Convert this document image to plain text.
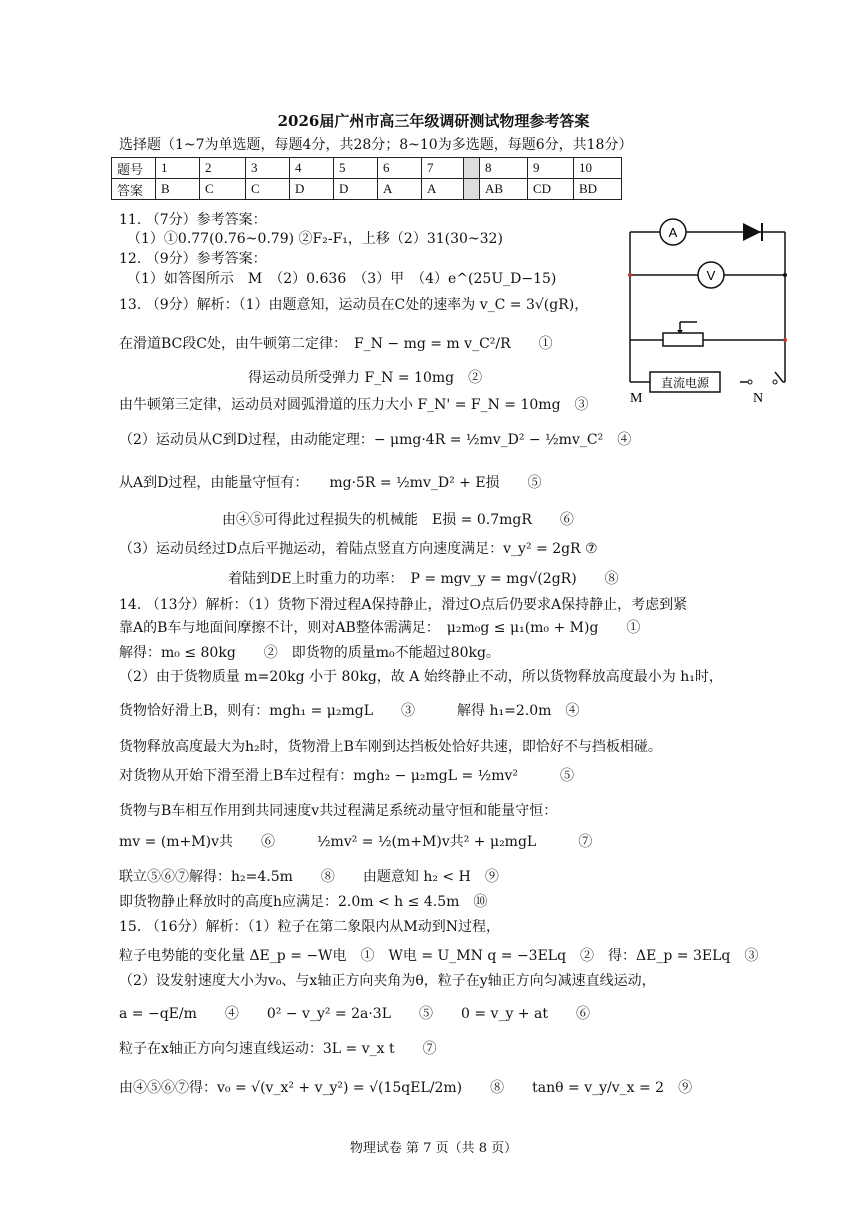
2026届广州市高三年级调研测试物理参考答案
选择题（1~7为单选题，每题4分，共28分；8~10为多选题，每题6分，共18分）
题号	1	2	3	4	5	6	7		8	9	10
答案	B	C	C	D	D	A	A		AB	CD	BD
11. （7分）参考答案：
（1）①0.77(0.76~0.79) ②F₂-F₁，上移（2）31(30~32)
12. （9分）参考答案：
（1）如答图所示　M　（2）0.636　（3）甲　（4）e^(25U_D−15)
13. （9分）解析：（1）由题意知，运动员在C处的速率为 v_C = 3√(gR)，
在滑道BC段C处，由牛顿第二定律：　F_N − mg = m v_C²/R　　①
得运动员所受弹力 F_N = 10mg　②
由牛顿第三定律，运动员对圆弧滑道的压力大小 F_N' = F_N = 10mg　③
（2）运动员从C到D过程，由动能定理：− μmg·4R = ½mv_D² − ½mv_C²　④
从A到D过程，由能量守恒有：　　mg·5R = ½mv_D² + E损　　⑤
由④⑤可得此过程损失的机械能　E损 = 0.7mgR　　⑥
（3）运动员经过D点后平抛运动，着陆点竖直方向速度满足：v_y² = 2gR ⑦
着陆到DE上时重力的功率：　P = mgv_y = mg√(2gR)　　⑧
14. （13分）解析：（1）货物下滑过程A保持静止，滑过O点后仍要求A保持静止，考虑到紧
靠A的B车与地面间摩擦不计，则对AB整体需满足：　μ₂m₀g ≤ μ₁(m₀ + M)g　　①
解得：m₀ ≤ 80kg　　②　即货物的质量m₀不能超过80kg。
（2）由于货物质量 m=20kg 小于 80kg，故 A 始终静止不动，所以货物释放高度最小为 h₁时，
货物恰好滑上B，则有：mgh₁ = μ₂mgL　　③　　　解得 h₁=2.0m　④
货物释放高度最大为h₂时，货物滑上B车刚到达挡板处恰好共速，即恰好不与挡板相碰。
对货物从开始下滑至滑上B车过程有：mgh₂ − μ₂mgL = ½mv²　　　⑤
货物与B车相互作用到共同速度v共过程满足系统动量守恒和能量守恒：
mv = (m+M)v共　　⑥　　　½mv² = ½(m+M)v共² + μ₂mgL　　　⑦
联立⑤⑥⑦解得：h₂=4.5m　　⑧　　由题意知 h₂ < H　⑨
即货物静止释放时的高度h应满足：2.0m < h ≤ 4.5m　⑩
15. （16分）解析：（1）粒子在第二象限内从M动到N过程，
粒子电势能的变化量 ΔE_p = −W电　①　W电 = U_MN q = −3ELq　②　得：ΔE_p = 3ELq　③
（2）设发射速度大小为v₀、与x轴正方向夹角为θ，粒子在y轴正方向匀减速直线运动，
a = −qE/m　　④　　0² − v_y² = 2a·3L　　⑤　　0 = v_y + at　　⑥
粒子在x轴正方向匀速直线运动：3L = v_x t　　⑦
由④⑤⑥⑦得：v₀ = √(v_x² + v_y²) = √(15qEL/2m)　　⑧　　tanθ = v_y/v_x = 2　⑨
A
V
直流电源
M	N
物理试卷 第 7 页（共 8 页）
